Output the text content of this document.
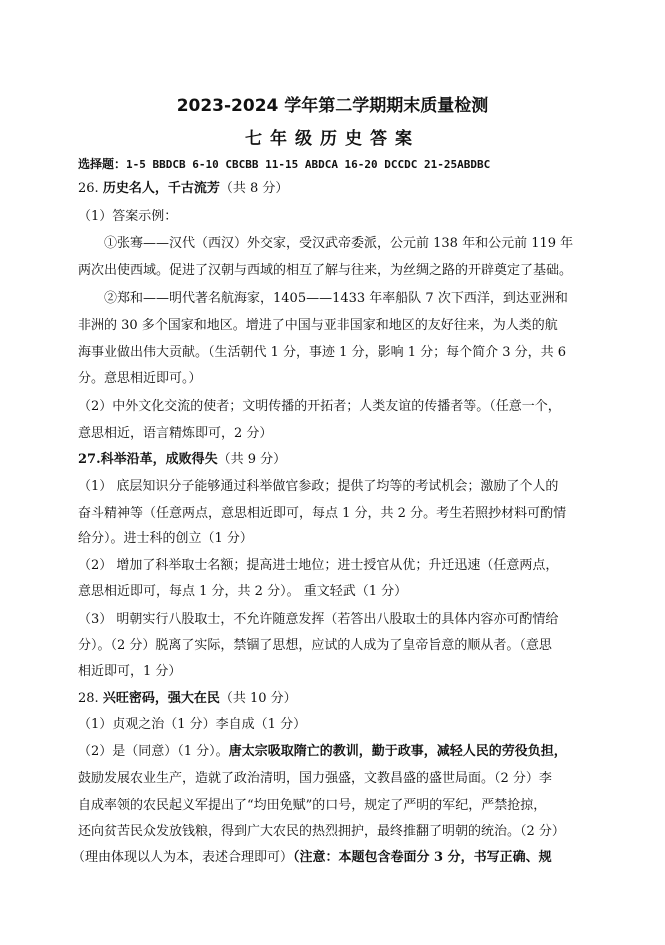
2023-2024 学年第二学期期末质量检测
七年级历史答案
选择题：1-5 BBDCB 6-10 CBCBB 11-15 ABDCA 16-20 DCCDC 21-25ABDBC
26. 历史名人，千古流芳（共 8 分）
（1）答案示例：
①张骞——汉代（西汉）外交家，受汉武帝委派，公元前 138 年和公元前 119 年
两次出使西域。促进了汉朝与西域的相互了解与往来，为丝绸之路的开辟奠定了基础。
②郑和——明代著名航海家，1405——1433 年率船队 7 次下西洋，到达亚洲和
非洲的 30 多个国家和地区。增进了中国与亚非国家和地区的友好往来，为人类的航
海事业做出伟大贡献。（生活朝代 1 分，事迹 1 分，影响 1 分；每个简介 3 分，共 6
分。意思相近即可。）
（2）中外文化交流的使者；文明传播的开拓者；人类友谊的传播者等。（任意一个，
意思相近，语言精炼即可，2 分）
27.科举沿革，成败得失（共 9 分）
（1） 底层知识分子能够通过科举做官参政；提供了均等的考试机会；激励了个人的
奋斗精神等（任意两点，意思相近即可，每点 1 分，共 2 分。考生若照抄材料可酌情
给分）。进士科的创立（1 分）
（2） 增加了科举取士名额；提高进士地位；进士授官从优；升迁迅速（任意两点，
意思相近即可，每点 1 分，共 2 分）。 重文轻武（1 分）
（3） 明朝实行八股取士，不允许随意发挥（若答出八股取士的具体内容亦可酌情给
分）。（2 分）脱离了实际，禁锢了思想，应试的人成为了皇帝旨意的顺从者。（意思
相近即可，1 分）
28. 兴旺密码，强大在民（共 10 分）
（1）贞观之治（1 分）李自成（1 分）
（2）是（同意）（1 分）。唐太宗吸取隋亡的教训，勤于政事，减轻人民的劳役负担，
鼓励发展农业生产，造就了政治清明，国力强盛，文教昌盛的盛世局面。（2 分）李
自成率领的农民起义军提出了“均田免赋”的口号，规定了严明的军纪，严禁抢掠，
还向贫苦民众发放钱粮，得到广大农民的热烈拥护，最终推翻了明朝的统治。（2 分）
（理由体现以人为本，表述合理即可）（注意：本题包含卷面分 3 分，书写正确、规
